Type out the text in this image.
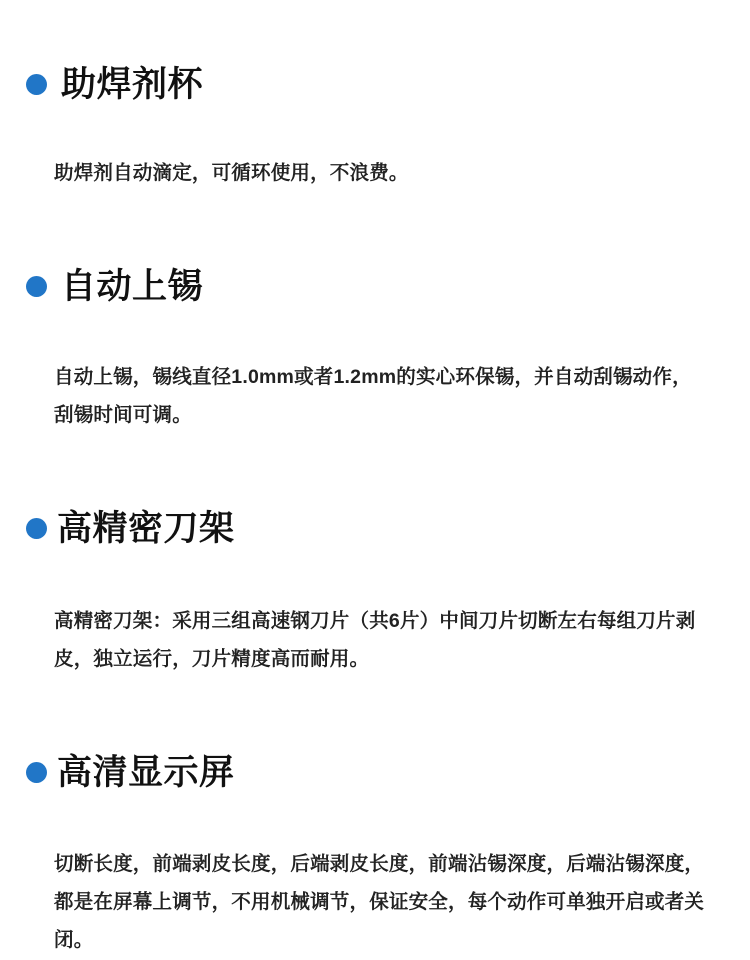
助焊剂杯

助焊剂自动滴定，可循环使用，不浪费。

自动上锡

自动上锡，锡线直径1.0mm或者1.2mm的实心环保锡，并自动刮锡动作，刮锡时间可调。

高精密刀架

高精密刀架：采用三组高速钢刀片（共6片）中间刀片切断左右每组刀片剥皮，独立运行，刀片精度高而耐用。

高清显示屏

切断长度，前端剥皮长度，后端剥皮长度，前端沾锡深度，后端沾锡深度，都是在屏幕上调节，不用机械调节，保证安全，每个动作可单独开启或者关闭。
